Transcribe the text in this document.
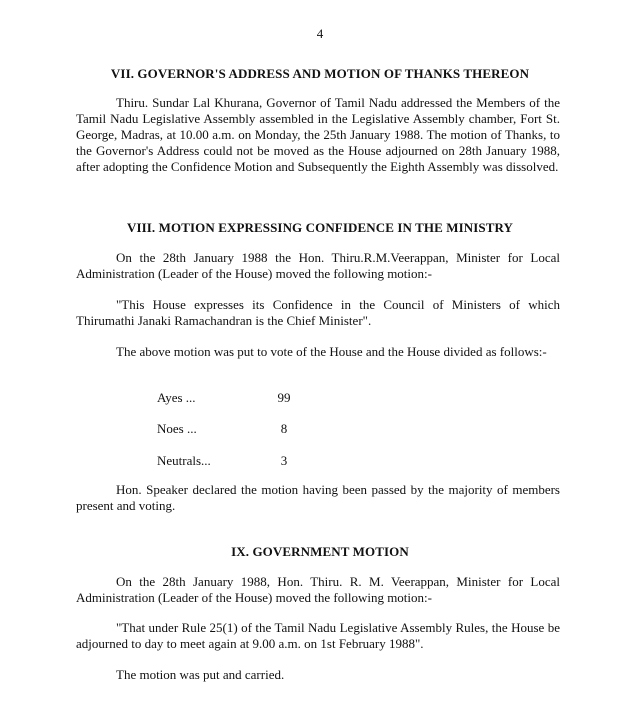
4
VII. GOVERNOR'S ADDRESS AND MOTION OF THANKS THEREON
Thiru. Sundar Lal Khurana, Governor of Tamil Nadu addressed the Members of the Tamil Nadu Legislative Assembly assembled in the Legislative Assembly chamber, Fort St. George, Madras, at 10.00 a.m. on Monday, the 25th January 1988. The motion of Thanks, to the Governor's Address could not be moved as the House adjourned on 28th January 1988, after adopting the Confidence Motion and Subsequently the Eighth Assembly was dissolved.
VIII. MOTION EXPRESSING CONFIDENCE IN THE MINISTRY
On the 28th January 1988 the Hon. Thiru.R.M.Veerappan, Minister for Local Administration (Leader of the House) moved the following motion:-
"This House expresses its Confidence in the Council of Ministers of which Thirumathi Janaki Ramachandran is the Chief Minister".
The above motion was put to vote of the House and the House divided as follows:-
Ayes ...	99
Noes ...	8
Neutrals...	3
Hon. Speaker declared the motion having been passed by the majority of members present and voting.
IX. GOVERNMENT MOTION
On the 28th January 1988, Hon. Thiru. R. M. Veerappan, Minister for Local Administration (Leader of the House) moved the following motion:-
"That under Rule 25(1) of the Tamil Nadu Legislative Assembly Rules, the House be adjourned to day to meet again at 9.00 a.m. on 1st February 1988".
The motion was put and carried.
